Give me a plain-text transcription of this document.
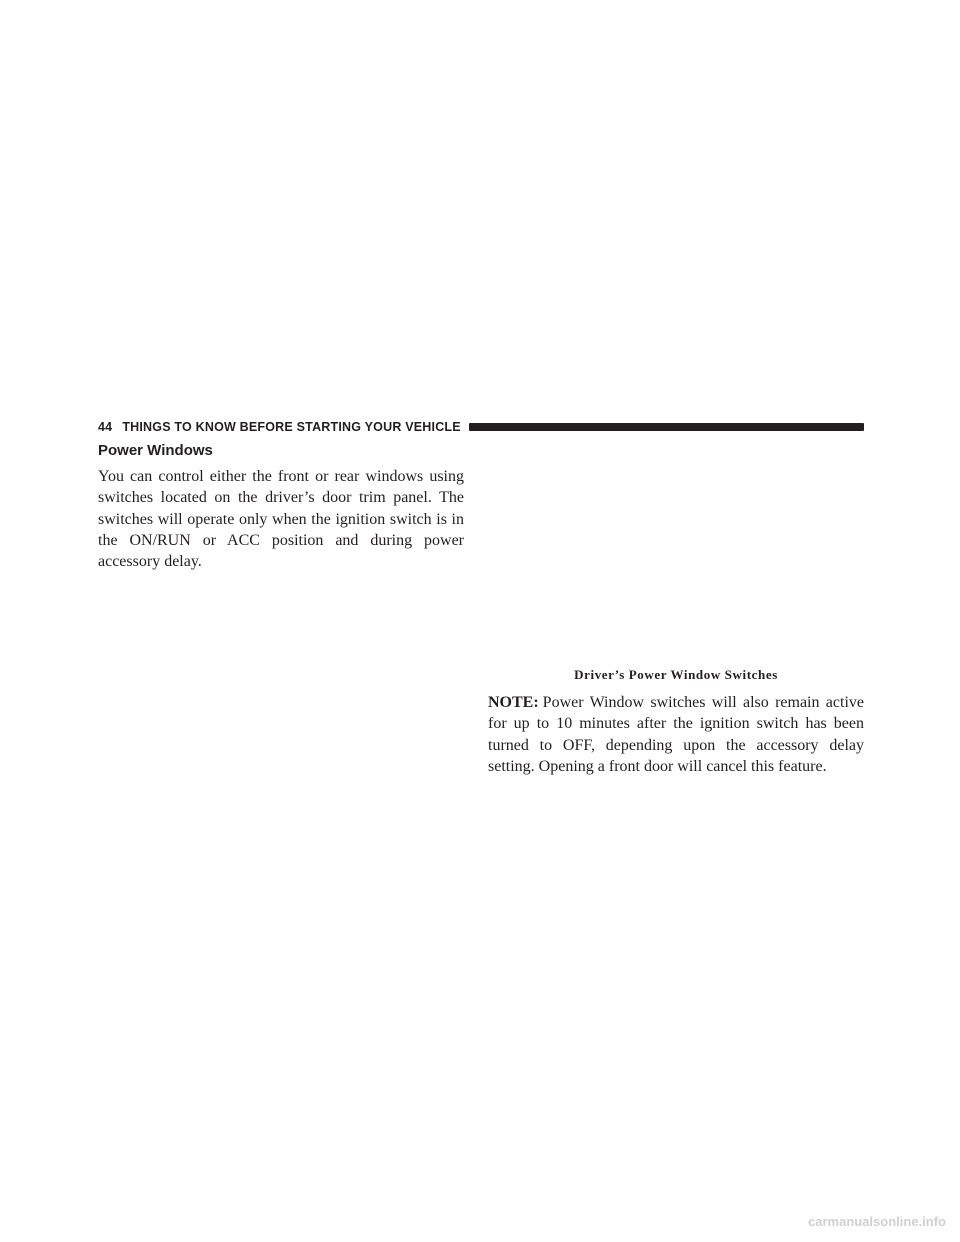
44 THINGS TO KNOW BEFORE STARTING YOUR VEHICLE
Power Windows

You can control either the front or rear windows using switches located on the driver’s door trim panel. The switches will operate only when the ignition switch is in the ON/RUN or ACC position and during power accessory delay.

Driver’s Power Window Switches

NOTE: Power Window switches will also remain active for up to 10 minutes after the ignition switch has been turned to OFF, depending upon the accessory delay setting. Opening a front door will cancel this feature.

carmanualsonline.info
